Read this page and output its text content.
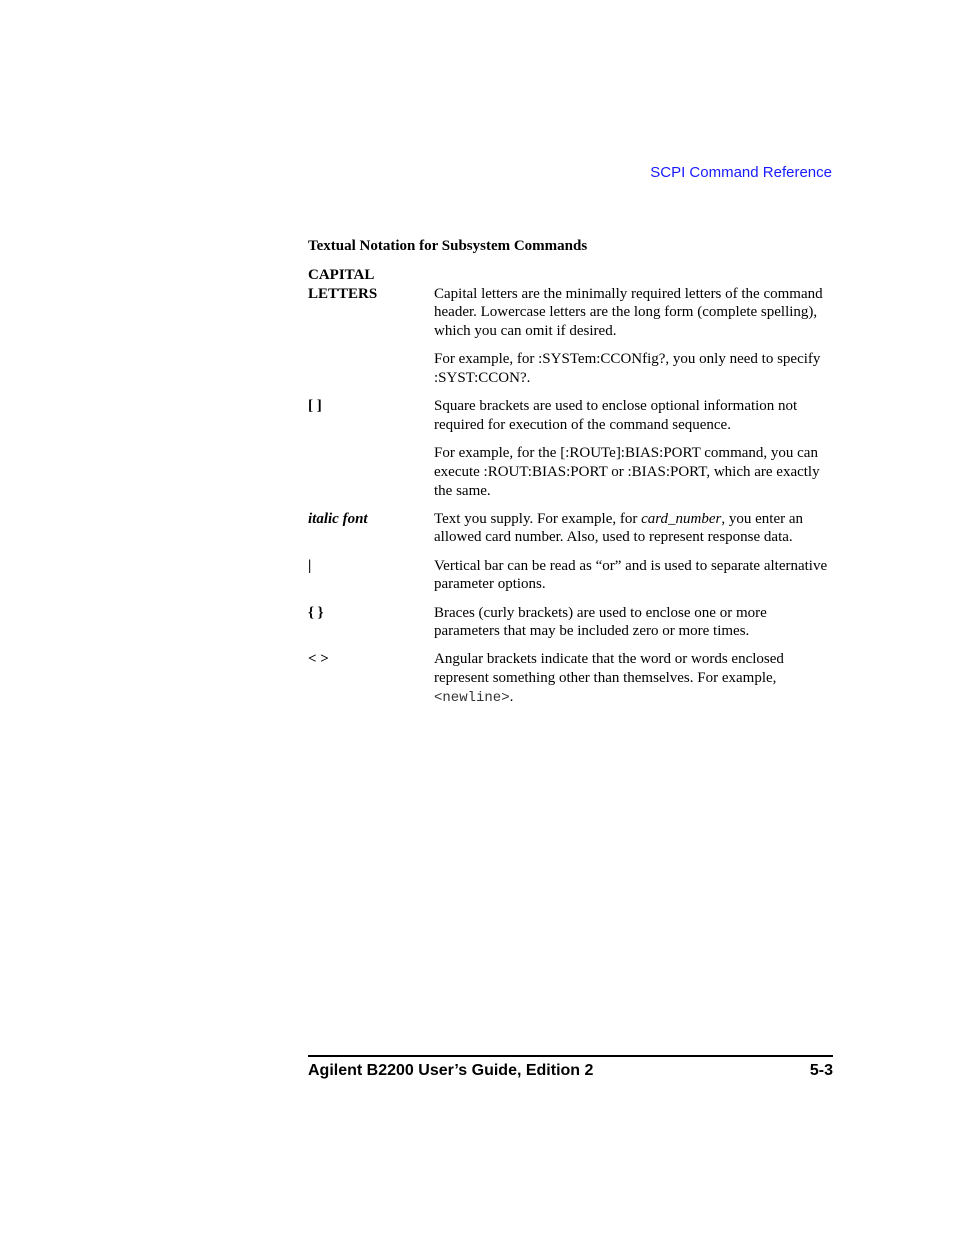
SCPI Command Reference
Textual Notation for Subsystem Commands
CAPITAL
LETTERS	Capital letters are the minimally required letters of the command header. Lowercase letters are the long form (complete spelling), which you can omit if desired.

For example, for :SYSTem:CCONfig?, you only need to specify :SYST:CCON?.

[ ]	Square brackets are used to enclose optional information not required for execution of the command sequence.

For example, for the [:ROUTe]:BIAS:PORT command, you can execute :ROUT:BIAS:PORT or :BIAS:PORT, which are exactly the same.

italic font	Text you supply. For example, for card_number, you enter an allowed card number. Also, used to represent response data.

|	Vertical bar can be read as “or” and is used to separate alternative parameter options.

{ }	Braces (curly brackets) are used to enclose one or more parameters that may be included zero or more times.

< >	Angular brackets indicate that the word or words enclosed represent something other than themselves. For example, <newline>.

Agilent B2200 User’s Guide, Edition 2	5-3
